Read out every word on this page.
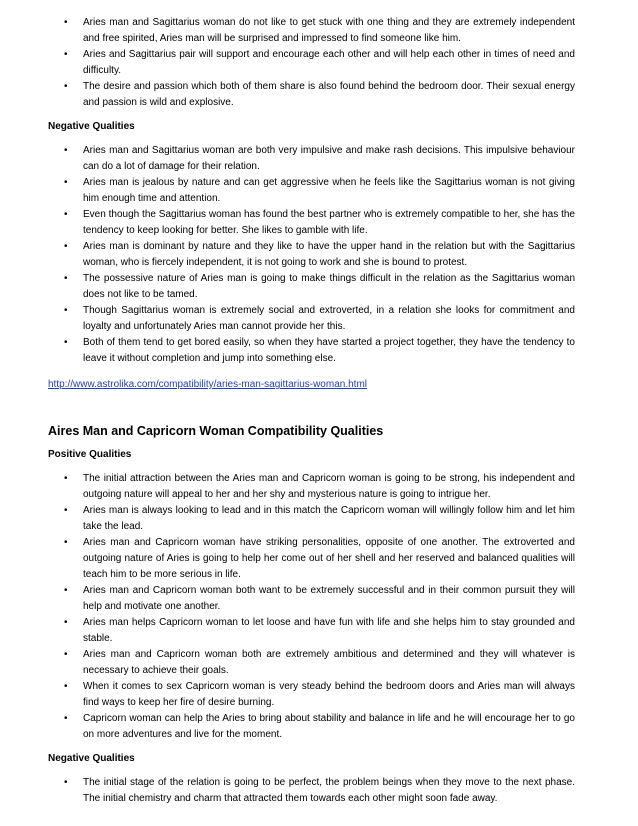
• Aries man and Sagittarius woman do not like to get stuck with one thing and they are extremely independent and free spirited, Aries man will be surprised and impressed to find someone like him.
• Aries and Sagittarius pair will support and encourage each other and will help each other in times of need and difficulty.
• The desire and passion which both of them share is also found behind the bedroom door. Their sexual energy and passion is wild and explosive.

Negative Qualities

• Aries man and Sagittarius woman are both very impulsive and make rash decisions. This impulsive behaviour can do a lot of damage for their relation.
• Aries man is jealous by nature and can get aggressive when he feels like the Sagittarius woman is not giving him enough time and attention.
• Even though the Sagittarius woman has found the best partner who is extremely compatible to her, she has the tendency to keep looking for better. She likes to gamble with life.
• Aries man is dominant by nature and they like to have the upper hand in the relation but with the Sagittarius woman, who is fiercely independent, it is not going to work and she is bound to protest.
• The possessive nature of Aries man is going to make things difficult in the relation as the Sagittarius woman does not like to be tamed.
• Though Sagittarius woman is extremely social and extroverted, in a relation she looks for commitment and loyalty and unfortunately Aries man cannot provide her this.
• Both of them tend to get bored easily, so when they have started a project together, they have the tendency to leave it without completion and jump into something else.
http://www.astrolika.com/compatibility/aries-man-sagittarius-woman.html

Aires Man and Capricorn Woman Compatibility Qualities

Positive Qualities

• The initial attraction between the Aries man and Capricorn woman is going to be strong, his independent and outgoing nature will appeal to her and her shy and mysterious nature is going to intrigue her.
• Aries man is always looking to lead and in this match the Capricorn woman will willingly follow him and let him take the lead.
• Aries man and Capricorn woman have striking personalities, opposite of one another. The extroverted and outgoing nature of Aries is going to help her come out of her shell and her reserved and balanced qualities will teach him to be more serious in life.
• Aries man and Capricorn woman both want to be extremely successful and in their common pursuit they will help and motivate one another.
• Aries man helps Capricorn woman to let loose and have fun with life and she helps him to stay grounded and stable.
• Aries man and Capricorn woman both are extremely ambitious and determined and they will whatever is necessary to achieve their goals.
• When it comes to sex Capricorn woman is very steady behind the bedroom doors and Aries man will always find ways to keep her fire of desire burning.
• Capricorn woman can help the Aries to bring about stability and balance in life and he will encourage her to go on more adventures and live for the moment.

Negative Qualities

• The initial stage of the relation is going to be perfect, the problem beings when they move to the next phase. The initial chemistry and charm that attracted them towards each other might soon fade away.
